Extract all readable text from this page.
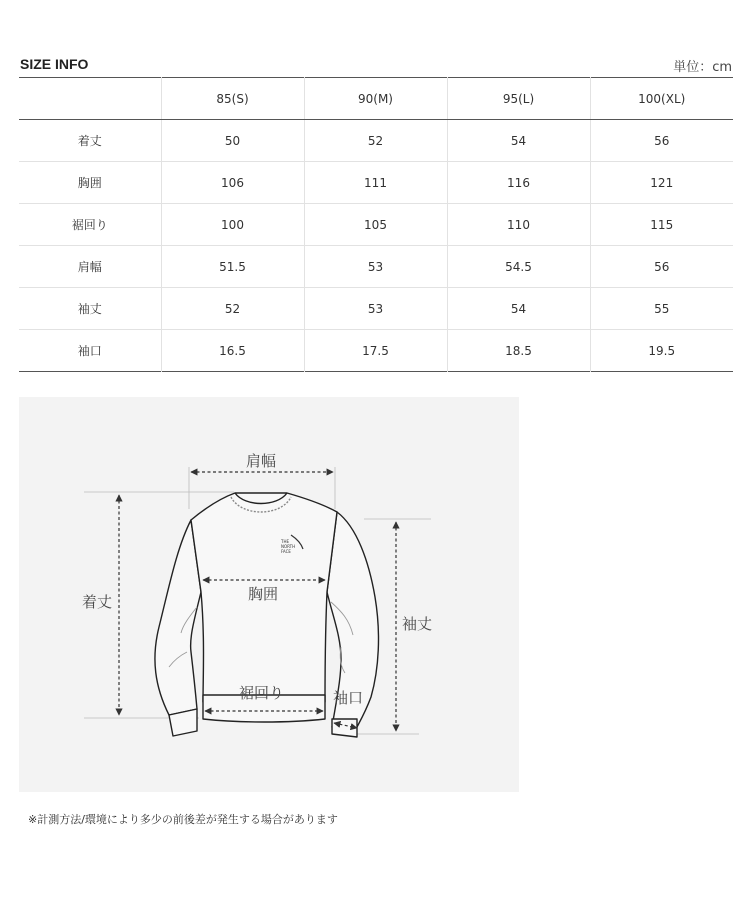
SIZE INFO	単位：cm
	85(S)	90(M)	95(L)	100(XL)
着丈	50	52	54	56
胸囲	106	111	116	121
裾回り	100	105	110	115
肩幅	51.5	53	54.5	56
袖丈	52	53	54	55
袖口	16.5	17.5	18.5	19.5
THE
NORTH
FACE
肩幅
着丈	胸囲
袖丈
裾回り	袖口
※計測方法/環境により多少の前後差が発生する場合があります
